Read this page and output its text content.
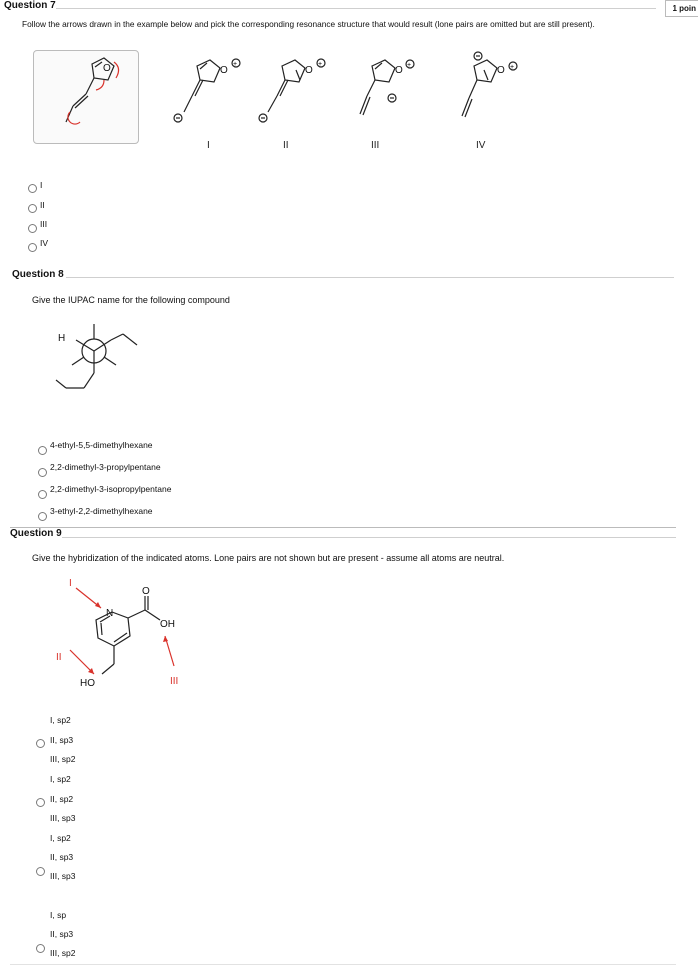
Question 7	1 poin
Follow the arrows drawn in the example below and pick the corresponding resonance structure that would result (lone pairs are omitted but are still present).
O	O
+
I
O
+
II
O +
III
O +
IV
I
II
III
IV
Question 8
Give the IUPAC name for the following compound
H
4-ethyl-5,5-dimethylhexane
2,2-dimethyl-3-propylpentane
2,2-dimethyl-3-isopropylpentane
3-ethyl-2,2-dimethylhexane
Question 9
Give the hybridization of the indicated atoms. Lone pairs are not shown but are present - assume all atoms are neutral.
N
O
OH
HO
I
II
III
I, sp2
II, sp3
III, sp2
I, sp2
II, sp2
III, sp3
I, sp2
II, sp3
III, sp3
I, sp
II, sp3
III, sp2
